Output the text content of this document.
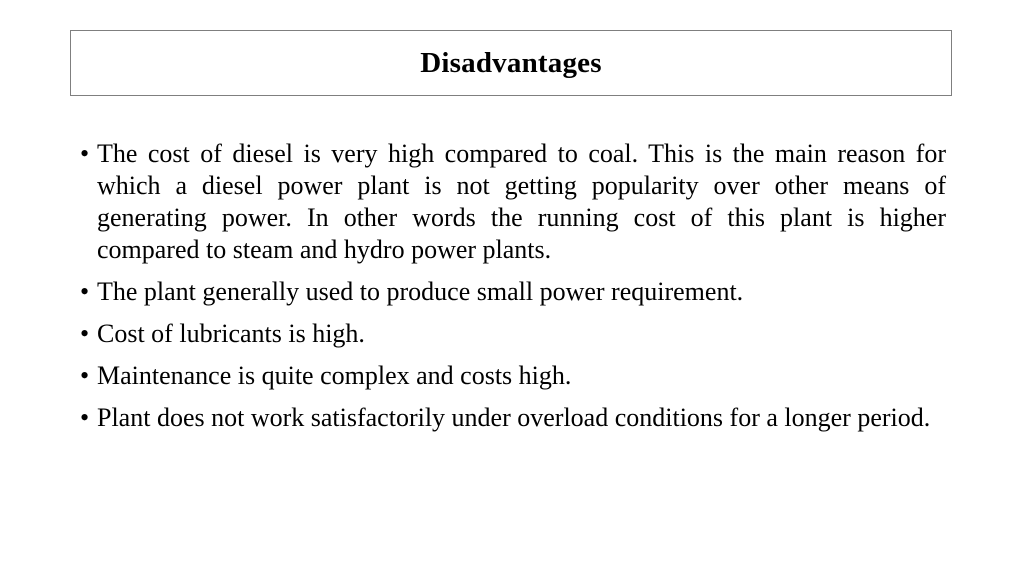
Disadvantages
• The cost of diesel is very high compared to coal. This is the main reason for which a diesel power plant is not getting popularity over other means of generating power. In other words the running cost of this plant is higher compared to steam and hydro power plants.
• The plant generally used to produce small power requirement.
• Cost of lubricants is high.
• Maintenance is quite complex and costs high.
• Plant does not work satisfactorily under overload conditions for a longer period.
